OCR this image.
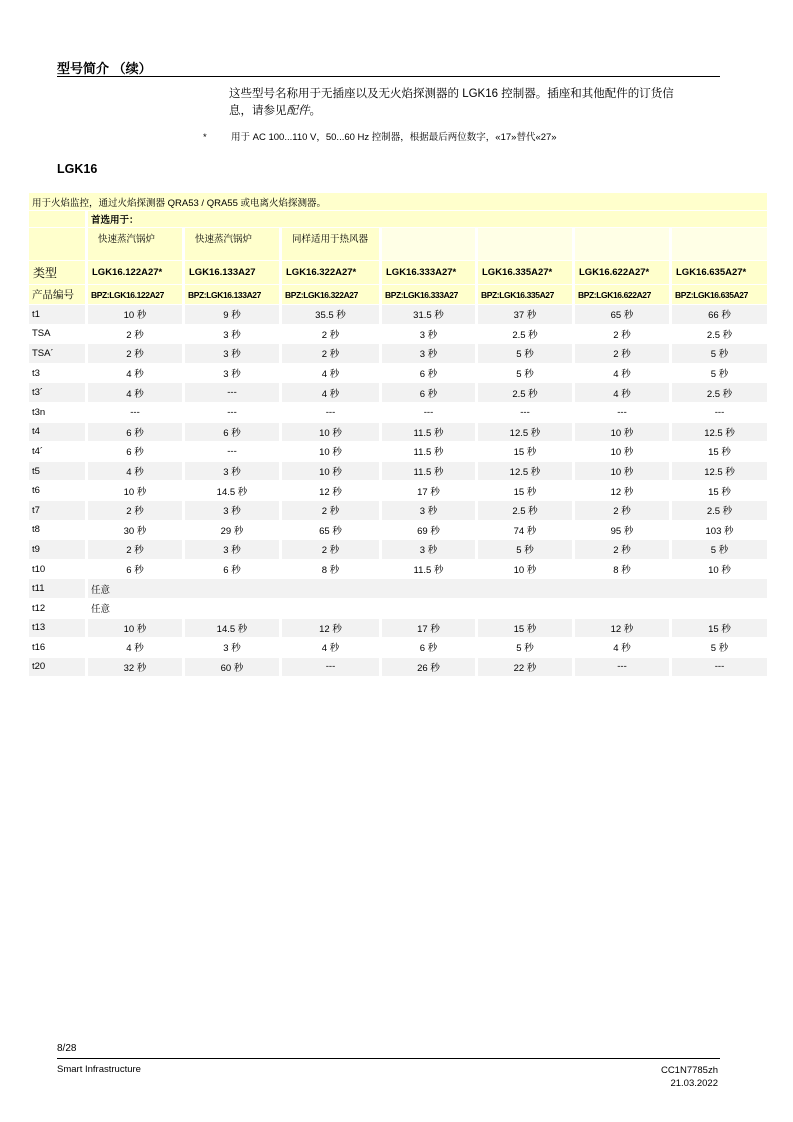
型号简介 （续）
这些型号名称用于无插座以及无火焰探测器的 LGK16 控制器。插座和其他配件的订货信
息，请参见配件。
*	用于 AC 100...110 V，50...60 Hz 控制器，根据最后两位数字，«17»替代«27»
LGK16
用于火焰监控，通过火焰探测器 QRA53 / QRA55 或电离火焰探测器。							
	首选用于：						
	快速蒸汽锅炉	快速蒸汽锅炉	同样适用于热风器				
类型	LGK16.122A27*	LGK16.133A27	LGK16.322A27*	LGK16.333A27*	LGK16.335A27*	LGK16.622A27*	LGK16.635A27*
产品编号	BPZ:LGK16.122A27	BPZ:LGK16.133A27	BPZ:LGK16.322A27	BPZ:LGK16.333A27	BPZ:LGK16.335A27	BPZ:LGK16.622A27	BPZ:LGK16.635A27
t1	10 秒	9 秒	35.5 秒	31.5 秒	37 秒	65 秒	66 秒
TSA	2 秒	3 秒	2 秒	3 秒	2.5 秒	2 秒	2.5 秒
TSA´	2 秒	3 秒	2 秒	3 秒	5 秒	2 秒	5 秒
t3	4 秒	3 秒	4 秒	6 秒	5 秒	4 秒	5 秒
t3´	4 秒	---	4 秒	6 秒	2.5 秒	4 秒	2.5 秒
t3n	---	---	---	---	---	---	---
t4	6 秒	6 秒	10 秒	11.5 秒	12.5 秒	10 秒	12.5 秒
t4´	6 秒	---	10 秒	11.5 秒	15 秒	10 秒	15 秒
t5	4 秒	3 秒	10 秒	11.5 秒	12.5 秒	10 秒	12.5 秒
t6	10 秒	14.5 秒	12 秒	17 秒	15 秒	12 秒	15 秒
t7	2 秒	3 秒	2 秒	3 秒	2.5 秒	2 秒	2.5 秒
t8	30 秒	29 秒	65 秒	69 秒	74 秒	95 秒	103 秒
t9	2 秒	3 秒	2 秒	3 秒	5 秒	2 秒	5 秒
t10	6 秒	6 秒	8 秒	11.5 秒	10 秒	8 秒	10 秒
t11	任意						
t12	任意						
t13	10 秒	14.5 秒	12 秒	17 秒	15 秒	12 秒	15 秒
t16	4 秒	3 秒	4 秒	6 秒	5 秒	4 秒	5 秒
t20	32 秒	60 秒	---	26 秒	22 秒	---	---
8/28
Smart Infrastructure	CC1N7785zh
21.03.2022
